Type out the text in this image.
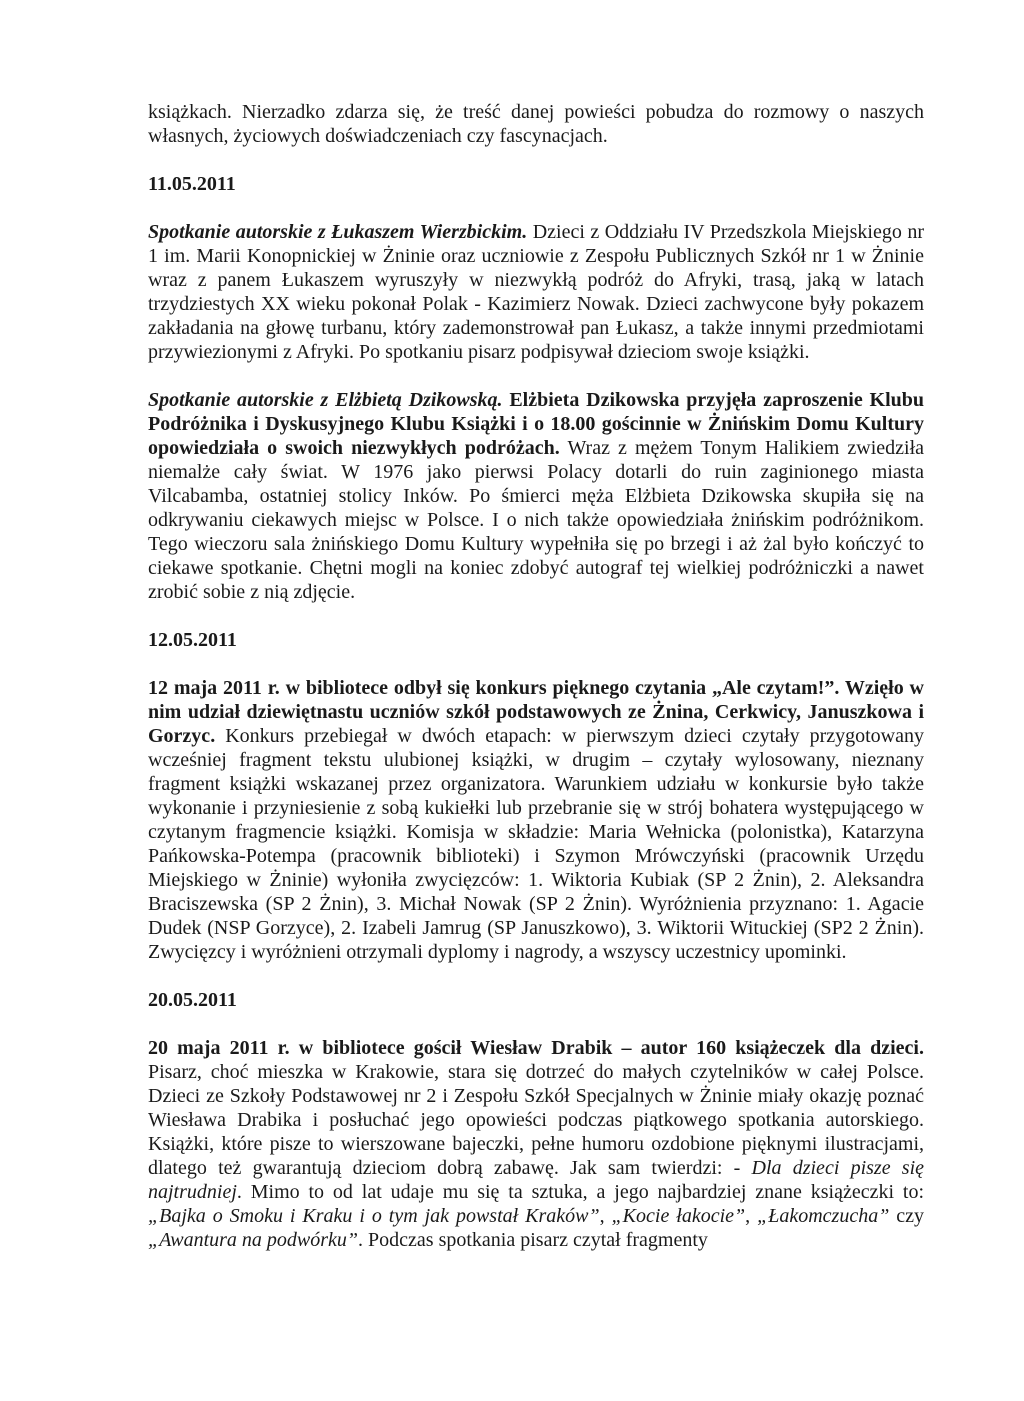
książkach. Nierzadko zdarza się, że treść danej powieści pobudza do rozmowy o naszych własnych, życiowych doświadczeniach czy fascynacjach.

11.05.2011

Spotkanie autorskie z Łukaszem Wierzbickim. Dzieci z Oddziału IV Przedszkola Miejskiego nr 1 im. Marii Konopnickiej w Żninie oraz uczniowie z Zespołu Publicznych Szkół nr 1 w Żninie wraz z panem Łukaszem wyruszyły w niezwykłą podróż do Afryki, trasą, jaką w latach trzydziestych XX wieku pokonał Polak - Kazimierz Nowak. Dzieci zachwycone były pokazem zakładania na głowę turbanu, który zademonstrował pan Łukasz, a także innymi przedmiotami przywiezionymi z Afryki. Po spotkaniu pisarz podpisywał dzieciom swoje książki.

Spotkanie autorskie z Elżbietą Dzikowską. Elżbieta Dzikowska przyjęła zaproszenie Klubu Podróżnika i Dyskusyjnego Klubu Książki i o 18.00 gościnnie w Żnińskim Domu Kultury opowiedziała o swoich niezwykłych podróżach. Wraz z mężem Tonym Halikiem zwiedziła niemalże cały świat. W 1976 jako pierwsi Polacy dotarli do ruin zaginionego miasta Vilcabamba, ostatniej stolicy Inków. Po śmierci męża Elżbieta Dzikowska skupiła się na odkrywaniu ciekawych miejsc w Polsce. I o nich także opowiedziała żnińskim podróżnikom. Tego wieczoru sala żnińskiego Domu Kultury wypełniła się po brzegi i aż żal było kończyć to ciekawe spotkanie. Chętni mogli na koniec zdobyć autograf tej wielkiej podróżniczki a nawet zrobić sobie z nią zdjęcie.

12.05.2011

12 maja 2011 r. w bibliotece odbył się konkurs pięknego czytania „Ale czytam!”. Wzięło w nim udział dziewiętnastu uczniów szkół podstawowych ze Żnina, Cerkwicy, Januszkowa i Gorzyc. Konkurs przebiegał w dwóch etapach: w pierwszym dzieci czytały przygotowany wcześniej fragment tekstu ulubionej książki, w drugim – czytały wylosowany, nieznany fragment książki wskazanej przez organizatora. Warunkiem udziału w konkursie było także wykonanie i przyniesienie z sobą kukiełki lub przebranie się w strój bohatera występującego w czytanym fragmencie książki. Komisja w składzie: Maria Wełnicka (polonistka), Katarzyna Pańkowska-Potempa (pracownik biblioteki) i Szymon Mrówczyński (pracownik Urzędu Miejskiego w Żninie) wyłoniła zwycięzców: 1. Wiktoria Kubiak (SP 2 Żnin), 2. Aleksandra Braciszewska (SP 2 Żnin), 3. Michał Nowak (SP 2 Żnin). Wyróżnienia przyznano: 1. Agacie Dudek (NSP Gorzyce), 2. Izabeli Jamrug (SP Januszkowo), 3. Wiktorii Wituckiej (SP2 2 Żnin). Zwycięzcy i wyróżnieni otrzymali dyplomy i nagrody, a wszyscy uczestnicy upominki.

20.05.2011

20 maja 2011 r. w bibliotece gościł Wiesław Drabik – autor 160 książeczek dla dzieci. Pisarz, choć mieszka w Krakowie, stara się dotrzeć do małych czytelników w całej Polsce. Dzieci ze Szkoły Podstawowej nr 2 i Zespołu Szkół Specjalnych w Żninie miały okazję poznać Wiesława Drabika i posłuchać jego opowieści podczas piątkowego spotkania autorskiego. Książki, które pisze to wierszowane bajeczki, pełne humoru ozdobione pięknymi ilustracjami, dlatego też gwarantują dzieciom dobrą zabawę. Jak sam twierdzi: - Dla dzieci pisze się najtrudniej. Mimo to od lat udaje mu się ta sztuka, a jego najbardziej znane książeczki to: „Bajka o Smoku i Kraku i o tym jak powstał Kraków”, „Kocie łakocie”, „Łakomczucha” czy „Awantura na podwórku”. Podczas spotkania pisarz czytał fragmenty
